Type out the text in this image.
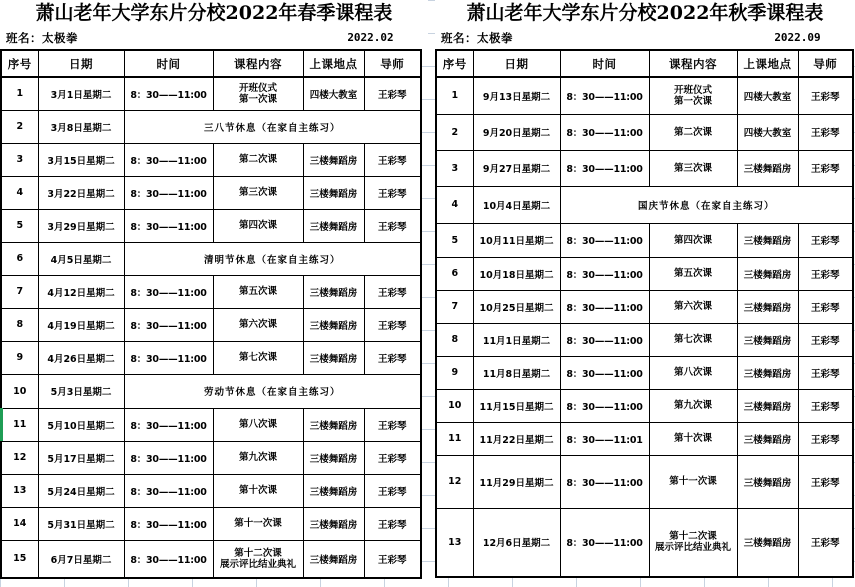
萧山老年大学东片分校2022年春季课程表
班名：太极拳	2022.02
序号	日期	时间	课程内容	上课地点	导师
1	3月1日星期二	8：30——11:00	开班仪式
第一次课	四楼大教室	王彩琴
2	3月8日星期二	三八节休息（在家自主练习）			
3	3月15日星期二	8：30——11:00	第二次课	三楼舞蹈房	王彩琴
4	3月22日星期二	8：30——11:00	第三次课	三楼舞蹈房	王彩琴
5	3月29日星期二	8：30——11:00	第四次课	三楼舞蹈房	王彩琴
6	4月5日星期二	清明节休息（在家自主练习）			
7	4月12日星期二	8：30——11:00	第五次课	三楼舞蹈房	王彩琴
8	4月19日星期二	8：30——11:00	第六次课	三楼舞蹈房	王彩琴
9	4月26日星期二	8：30——11:00	第七次课	三楼舞蹈房	王彩琴
10	5月3日星期二	劳动节休息（在家自主练习）			
11	5月10日星期二	8：30——11:00	第八次课	三楼舞蹈房	王彩琴
12	5月17日星期二	8：30——11:00	第九次课	三楼舞蹈房	王彩琴
13	5月24日星期二	8：30——11:00	第十次课	三楼舞蹈房	王彩琴
14	5月31日星期二	8：30——11:00	第十一次课	三楼舞蹈房	王彩琴
15	6月7日星期二	8：30——11:00	第十二次课
展示评比结业典礼	三楼舞蹈房	王彩琴
萧山老年大学东片分校2022年秋季课程表
班名：太极拳	2022.09
序号	日期	时间	课程内容	上课地点	导师
1	9月13日星期二	8：30——11:00	开班仪式
第一次课	四楼大教室	王彩琴
2	9月20日星期二	8：30——11:00	第二次课	四楼大教室	王彩琴
3	9月27日星期二	8：30——11:00	第三次课	三楼舞蹈房	王彩琴
4	10月4日星期二	国庆节休息（在家自主练习）			
5	10月11日星期二	8：30——11:00	第四次课	三楼舞蹈房	王彩琴
6	10月18日星期二	8：30——11:00	第五次课	三楼舞蹈房	王彩琴
7	10月25日星期二	8：30——11:00	第六次课	三楼舞蹈房	王彩琴
8	11月1日星期二	8：30——11:00	第七次课	三楼舞蹈房	王彩琴
9	11月8日星期二	8：30——11:00	第八次课	三楼舞蹈房	王彩琴
10	11月15日星期二	8：30——11:00	第九次课	三楼舞蹈房	王彩琴
11	11月22日星期二	8：30——11:01	第十次课	三楼舞蹈房	王彩琴
12	11月29日星期二	8：30——11:00	第十一次课	三楼舞蹈房	王彩琴
13	12月6日星期二	8：30——11:00	第十二次课
展示评比结业典礼	三楼舞蹈房	王彩琴
